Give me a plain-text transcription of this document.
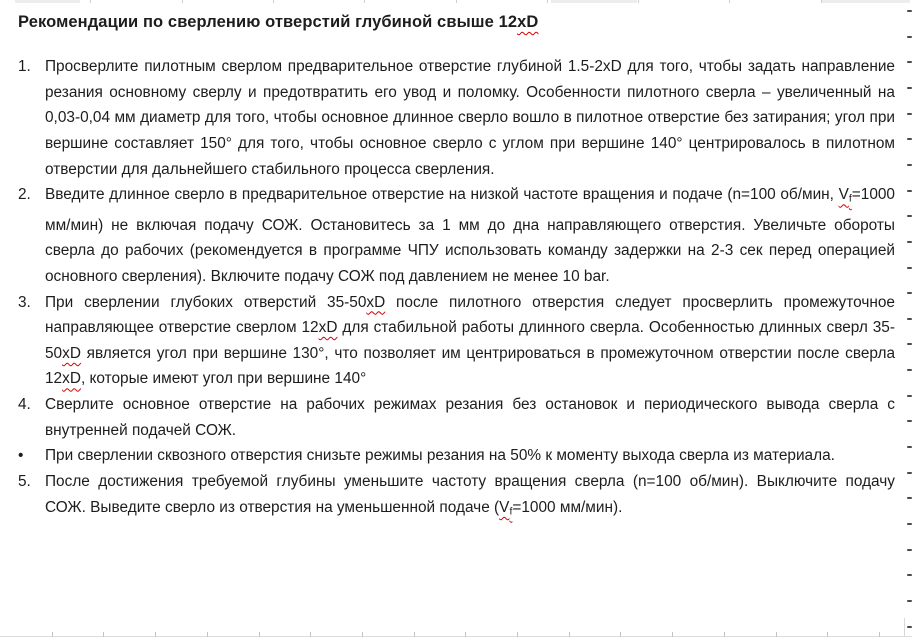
Рекомендации по сверлению отверстий глубиной свыше 12xD
1. Просверлите пилотным сверлом предварительное отверстие глубиной 1.5-2xD для того, чтобы задать направление резания основному сверлу и предотвратить его увод и поломку. Особенности пилотного сверла – увеличенный на 0,03-0,04 мм диаметр для того, чтобы основное длинное сверло вошло в пилотное отверстие без затирания; угол при вершине составляет 150° для того, чтобы основное сверло с углом при вершине 140° центрировалось в пилотном отверстии для дальнейшего стабильного процесса сверления.

2. Введите длинное сверло в предварительное отверстие на низкой частоте вращения и подаче (n=100 об/мин, $V_f=1000$ мм/мин) не включая подачу СОЖ. Остановитесь за 1 мм до дна направляющего отверстия. Увеличьте обороты сверла до рабочих (рекомендуется в программе ЧПУ использовать команду задержки на 2-3 сек перед операцией основного сверления). Включите подачу СОЖ под давлением не менее 10 bar.

3. При сверлении глубоких отверстий 35-50xD после пилотного отверстия следует просверлить промежуточное направляющее отверстие сверлом 12xD для стабильной работы длинного сверла. Особенностью длинных сверл 35-50xD является угол при вершине 130°, что позволяет им центрироваться в промежуточном отверстии после сверла 12xD, которые имеют угол при вершине 140°

4. Сверлите основное отверстие на рабочих режимах резания без остановок и периодического вывода сверла с внутренней подачей СОЖ.

•	При сверлении сквозного отверстия снизьте режимы резания на 50% к моменту выхода сверла из материала.

5. После достижения требуемой глубины уменьшите частоту вращения сверла (n=100 об/мин). Выключите подачу СОЖ. Выведите сверло из отверстия на уменьшенной подаче ($V_f=1000$ мм/мин).
